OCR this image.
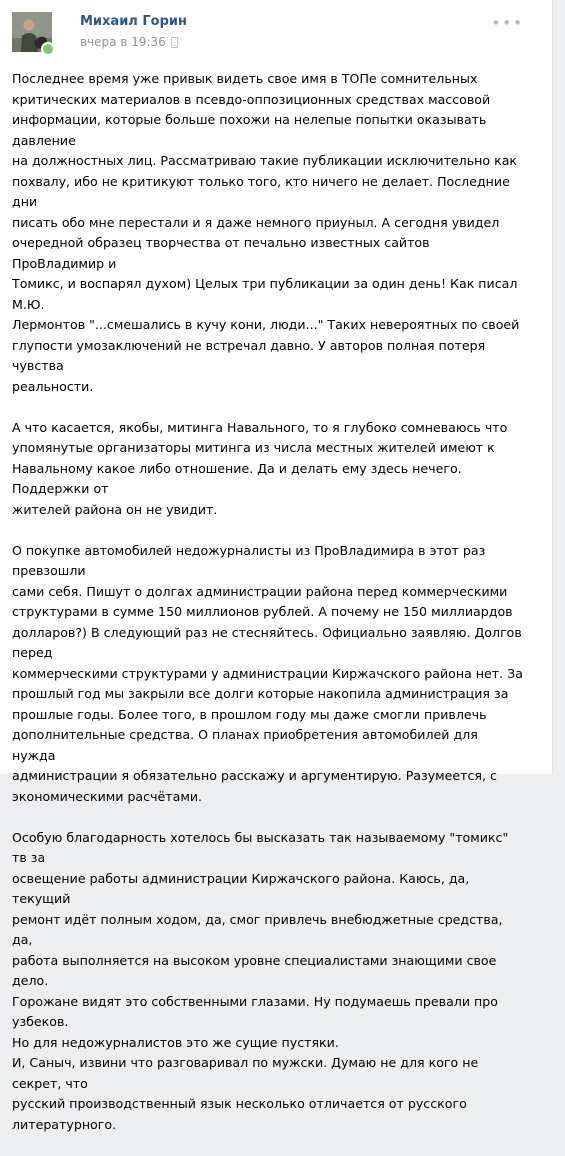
Михаил Горин
вчера в 19:36
•••

Последнее время уже привык видеть свое имя в ТОПе сомнительных
критических материалов в псевдо-оппозиционных средствах массовой
информации, которые больше похожи на нелепые попытки оказывать давление
на должностных лиц. Рассматриваю такие публикации исключительно как
похвалу, ибо не критикуют только того, кто ничего не делает. Последние дни
писать обо мне перестали и я даже немного приуныл. А сегодня увидел
очередной образец творчества от печально известных сайтов ПроВладимир и
Томикс, и воспарял духом) Целых три публикации за один день! Как писал М.Ю.
Лермонтов "...смешались в кучу кони, люди..." Таких невероятных по своей
глупости умозаключений не встречал давно. У авторов полная потеря чувства
реальности.

А что касается, якобы, митинга Навального, то я глубоко сомневаюсь что
упомянутые организаторы митинга из числа местных жителей имеют к
Навальному какое либо отношение. Да и делать ему здесь нечего. Поддержки от
жителей района он не увидит.

О покупке автомобилей недожурналисты из ПроВладимира в этот раз превзошли
сами себя. Пишут о долгах администрации района перед коммерческими
структурами в сумме 150 миллионов рублей. А почему не 150 миллиардов
долларов?) В следующий раз не стесняйтесь. Официально заявляю. Долгов перед
коммерческими структурами у администрации Киржачского района нет. За
прошлый год мы закрыли все долги которые накопила администрация за
прошлые годы. Более того, в прошлом году мы даже смогли привлечь
дополнительные средства. О планах приобретения автомобилей для нужда
администрации я обязательно расскажу и аргументирую. Разумеется, с
экономическими расчётами.

Особую благодарность хотелось бы высказать так называемому "томикс" тв за
освещение работы администрации Киржачского района. Каюсь, да, текущий
ремонт идёт полным ходом, да, смог привлечь внебюджетные средства, да,
работа выполняется на высоком уровне специалистами знающими свое дело.
Горожане видят это собственными глазами. Ну подумаешь превали про узбеков.
Но для недожурналистов это же сущие пустяки.
И, Саныч, извини что разговаривал по мужски. Думаю не для кого не секрет, что
русский производственный язык несколько отличается от русского
литературного.
